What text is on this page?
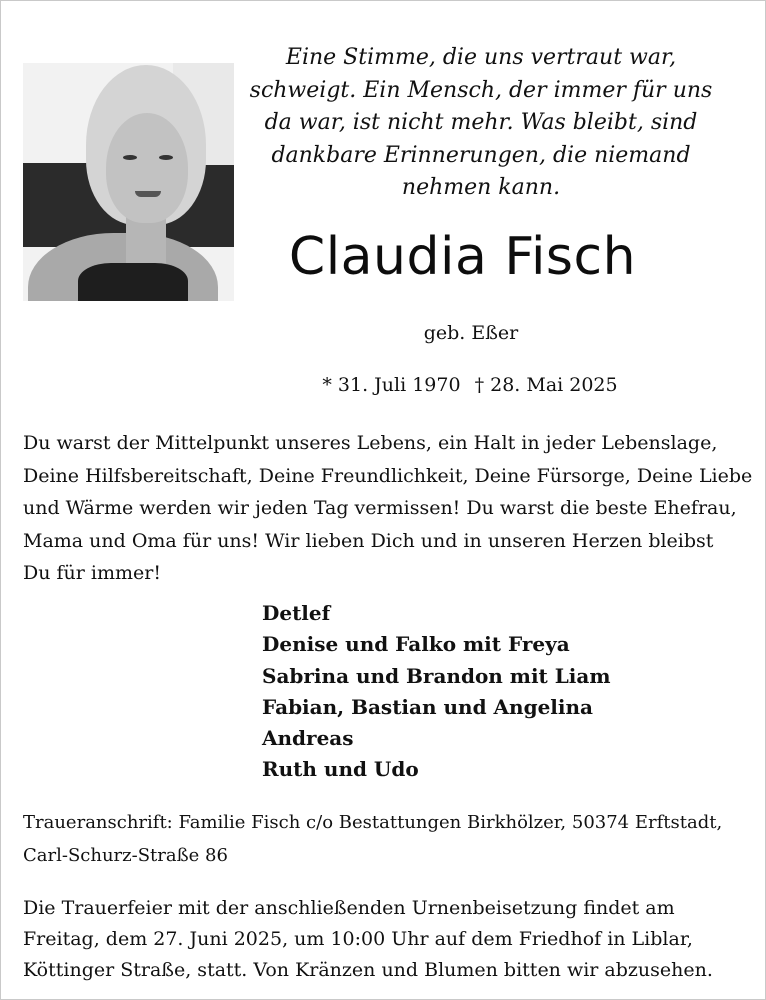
Eine Stimme, die uns vertraut war,
schweigt. Ein Mensch, der immer für uns
da war, ist nicht mehr. Was bleibt, sind
dankbare Erinnerungen, die niemand
nehmen kann.
Claudia Fisch
geb. Eßer
* 31. Juli 1970 † 28. Mai 2025
Du warst der Mittelpunkt unseres Lebens, ein Halt in jeder Lebenslage,
Deine Hilfsbereitschaft, Deine Freundlichkeit, Deine Fürsorge, Deine Liebe
und Wärme werden wir jeden Tag vermissen! Du warst die beste Ehefrau,
Mama und Oma für uns! Wir lieben Dich und in unseren Herzen bleibst
Du für immer!
Detlef
Denise und Falko mit Freya
Sabrina und Brandon mit Liam
Fabian, Bastian und Angelina
Andreas
Ruth und Udo
Traueranschrift: Familie Fisch c/o Bestattungen Birkhölzer, 50374 Erftstadt,
Carl-Schurz-Straße 86
Die Trauerfeier mit der anschließenden Urnenbeisetzung findet am
Freitag, dem 27. Juni 2025, um 10:00 Uhr auf dem Friedhof in Liblar,
Köttinger Straße, statt. Von Kränzen und Blumen bitten wir abzusehen.
